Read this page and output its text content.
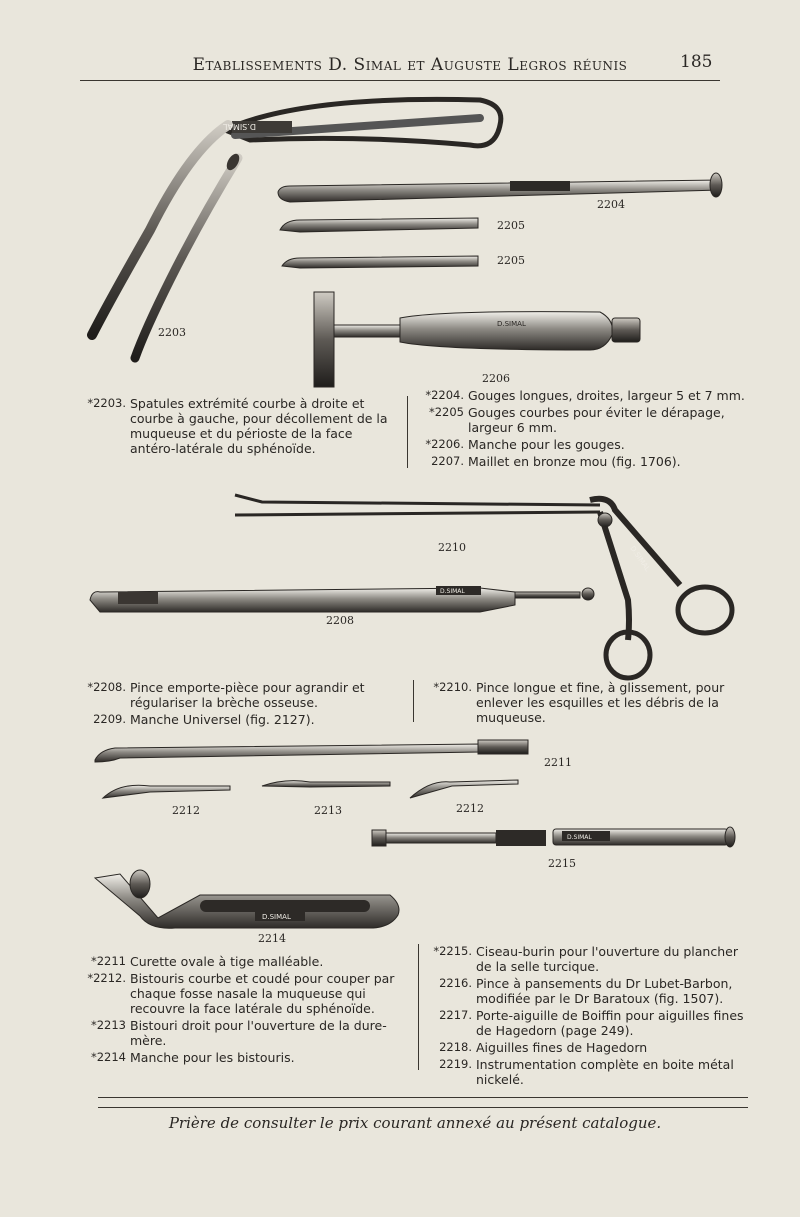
Etablissements D. Simal et Auguste Legros réunis	185
D.SIMAL
D.SIMAL
D.SIMAL
D.SIMAL
D.SIMAL
D.SIMAL
2203
2204
2205
2205
2206
2210
2208
2211
2212	2213	2212
2215
2214
*2203. Spatules extrémité courbe à droite et courbe à gauche, pour décollement de la muqueuse et du périoste de la face antéro-latérale du sphénoïde.
*2204. Gouges longues, droites, largeur 5 et 7 mm.
*2205 Gouges courbes pour éviter le dérapage, largeur 6 mm.
*2206. Manche pour les gouges.
2207. Maillet en bronze mou (fig. 1706).
*2208. Pince emporte-pièce pour agrandir et régulariser la brèche osseuse.
2209. Manche Universel (fig. 2127).
*2210. Pince longue et fine, à glissement, pour enlever les esquilles et les débris de la muqueuse.
*2211 Curette ovale à tige malléable.
*2212. Bistouris courbe et coudé pour couper par chaque fosse nasale la muqueuse qui recouvre la face latérale du sphénoïde.
*2213 Bistouri droit pour l'ouverture de la dure-mère.
*2214 Manche pour les bistouris.
*2215. Ciseau-burin pour l'ouverture du plancher de la selle turcique.
2216. Pince à pansements du Dr Lubet-Barbon, modifiée par le Dr Baratoux (fig. 1507).
2217. Porte-aiguille de Boiffin pour aiguilles fines de Hagedorn (page 249).
2218. Aiguilles fines de Hagedorn
2219. Instrumentation complète en boite métal nickelé.
Prière de consulter le prix courant annexé au présent catalogue.
